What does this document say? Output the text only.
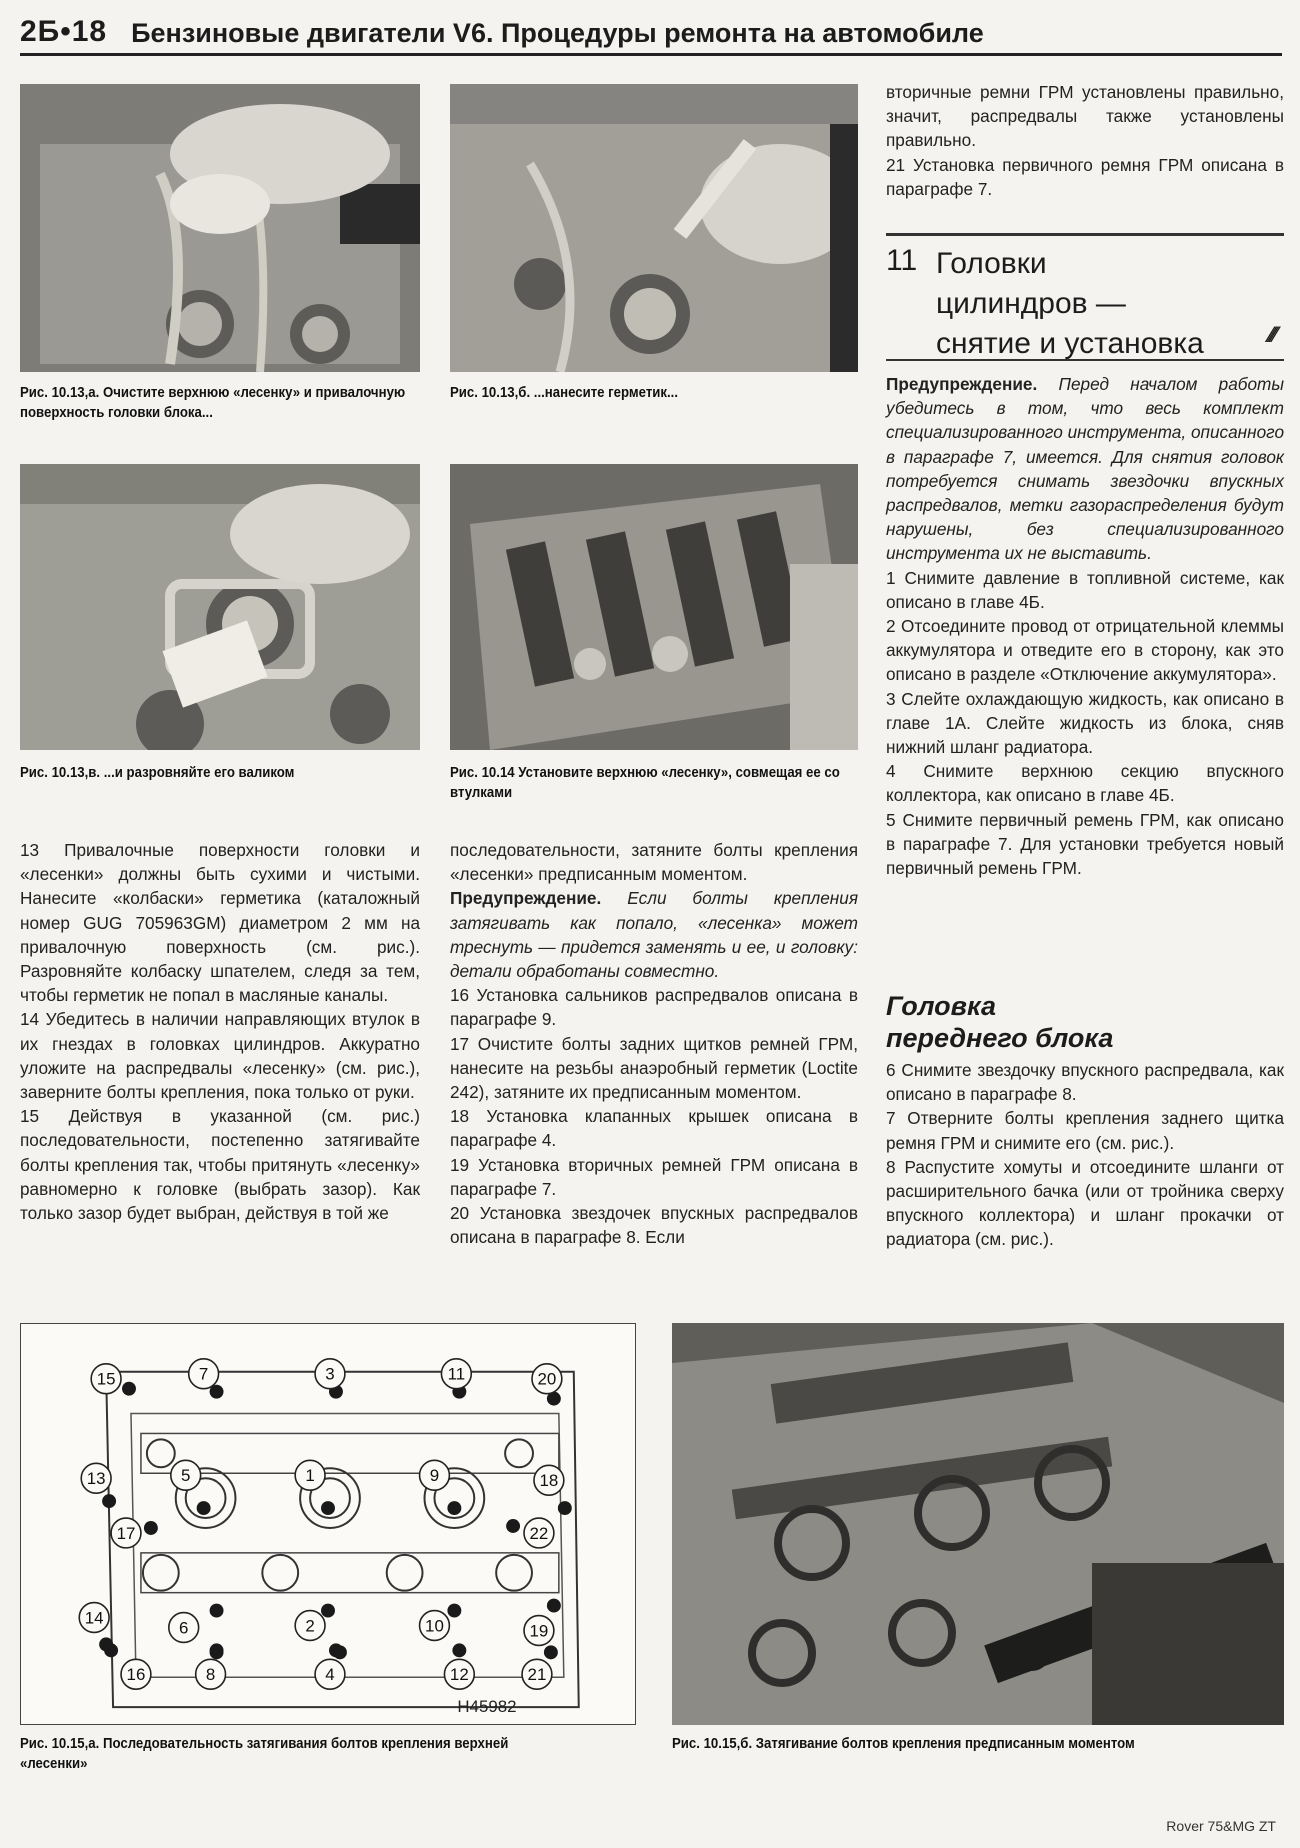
2Б•18 Бензиновые двигатели V6. Процедуры ремонта на автомобиле
Рис. 10.13,а. Очистите верхнюю «лесенку» и привалочную поверхность головки блока...
Рис. 10.13,б. ...нанесите герметик...
Рис. 10.13,в. ...и разровняйте его валиком	Рис. 10.14 Установите верхнюю «лесенку», совмещая ее со втулками

13 Привалочные поверхности головки и «лесенки» должны быть сухими и чистыми. Нанесите «колбаски» герметика (каталожный номер GUG 705963GM) диаметром 2 мм на привалочную поверхность (см. рис.). Разровняйте колбаску шпателем, следя за тем, чтобы герметик не попал в масляные каналы.

14 Убедитесь в наличии направляющих втулок в их гнездах в головках цилиндров. Аккуратно уложите на распредвалы «лесенку» (см. рис.), заверните болты крепления, пока только от руки.

15 Действуя в указанной (см. рис.) последовательности, постепенно затягивайте болты крепления так, чтобы притянуть «лесенку» равномерно к головке (выбрать зазор). Как только зазор будет выбран, действуя в той же

последовательности, затяните болты крепления «лесенки» предписанным моментом.

Предупреждение. Если болты крепления затягивать как попало, «лесенка» может треснуть — придется заменять и ее, и головку: детали обработаны совместно.

16 Установка сальников распредвалов описана в параграфе 9.

17 Очистите болты задних щитков ремней ГРМ, нанесите на резьбы анаэробный герметик (Loctite 242), затяните их предписанным моментом.

18 Установка клапанных крышек описана в параграфе 4.

19 Установка вторичных ремней ГРМ описана в параграфе 7.

20 Установка звездочек впускных распредвалов описана в параграфе 8. Если

вторичные ремни ГРМ установлены правильно, значит, распредвалы также установлены правильно.

21 Установка первичного ремня ГРМ описана в параграфе 7.

11 Головки
цилиндров —
снятие и установка	⁄⁄⁄⁄

Предупреждение. Перед началом работы убедитесь в том, что весь комплект специализированного инструмента, описанного в параграфе 7, имеется. Для снятия головок потребуется снимать звездочки впускных распредвалов, метки газораспределения будут нарушены, без специализированного инструмента их не выставить.

1 Снимите давление в топливной системе, как описано в главе 4Б.

2 Отсоедините провод от отрицательной клеммы аккумулятора и отведите его в сторону, как это описано в разделе «Отключение аккумулятора».

3 Слейте охлаждающую жидкость, как описано в главе 1А. Слейте жидкость из блока, сняв нижний шланг радиатора.

4 Снимите верхнюю секцию впускного коллектора, как описано в главе 4Б.

5 Снимите первичный ремень ГРМ, как описано в параграфе 7. Для установки требуется новый первичный ремень ГРМ.

Головка
переднего блока

6 Снимите звездочку впускного распредвала, как описано в параграфе 8.

7 Отверните болты крепления заднего щитка ремня ГРМ и снимите его (см. рис.).

8 Распустите хомуты и отсоедините шланги от расширительного бачка (или от тройника сверху впускного коллектора) и шланг прокачки от радиатора (см. рис.).

H45982
15	7	3	11	20
13	5	1	9	18
17	22
14
6	2	10	19
16	8	4	12	21
Рис. 10.15,а. Последовательность затягивания болтов крепления верхней «лесенки»
Рис. 10.15,б. Затягивание болтов крепления предписанным моментом
Rover 75&MG ZT
